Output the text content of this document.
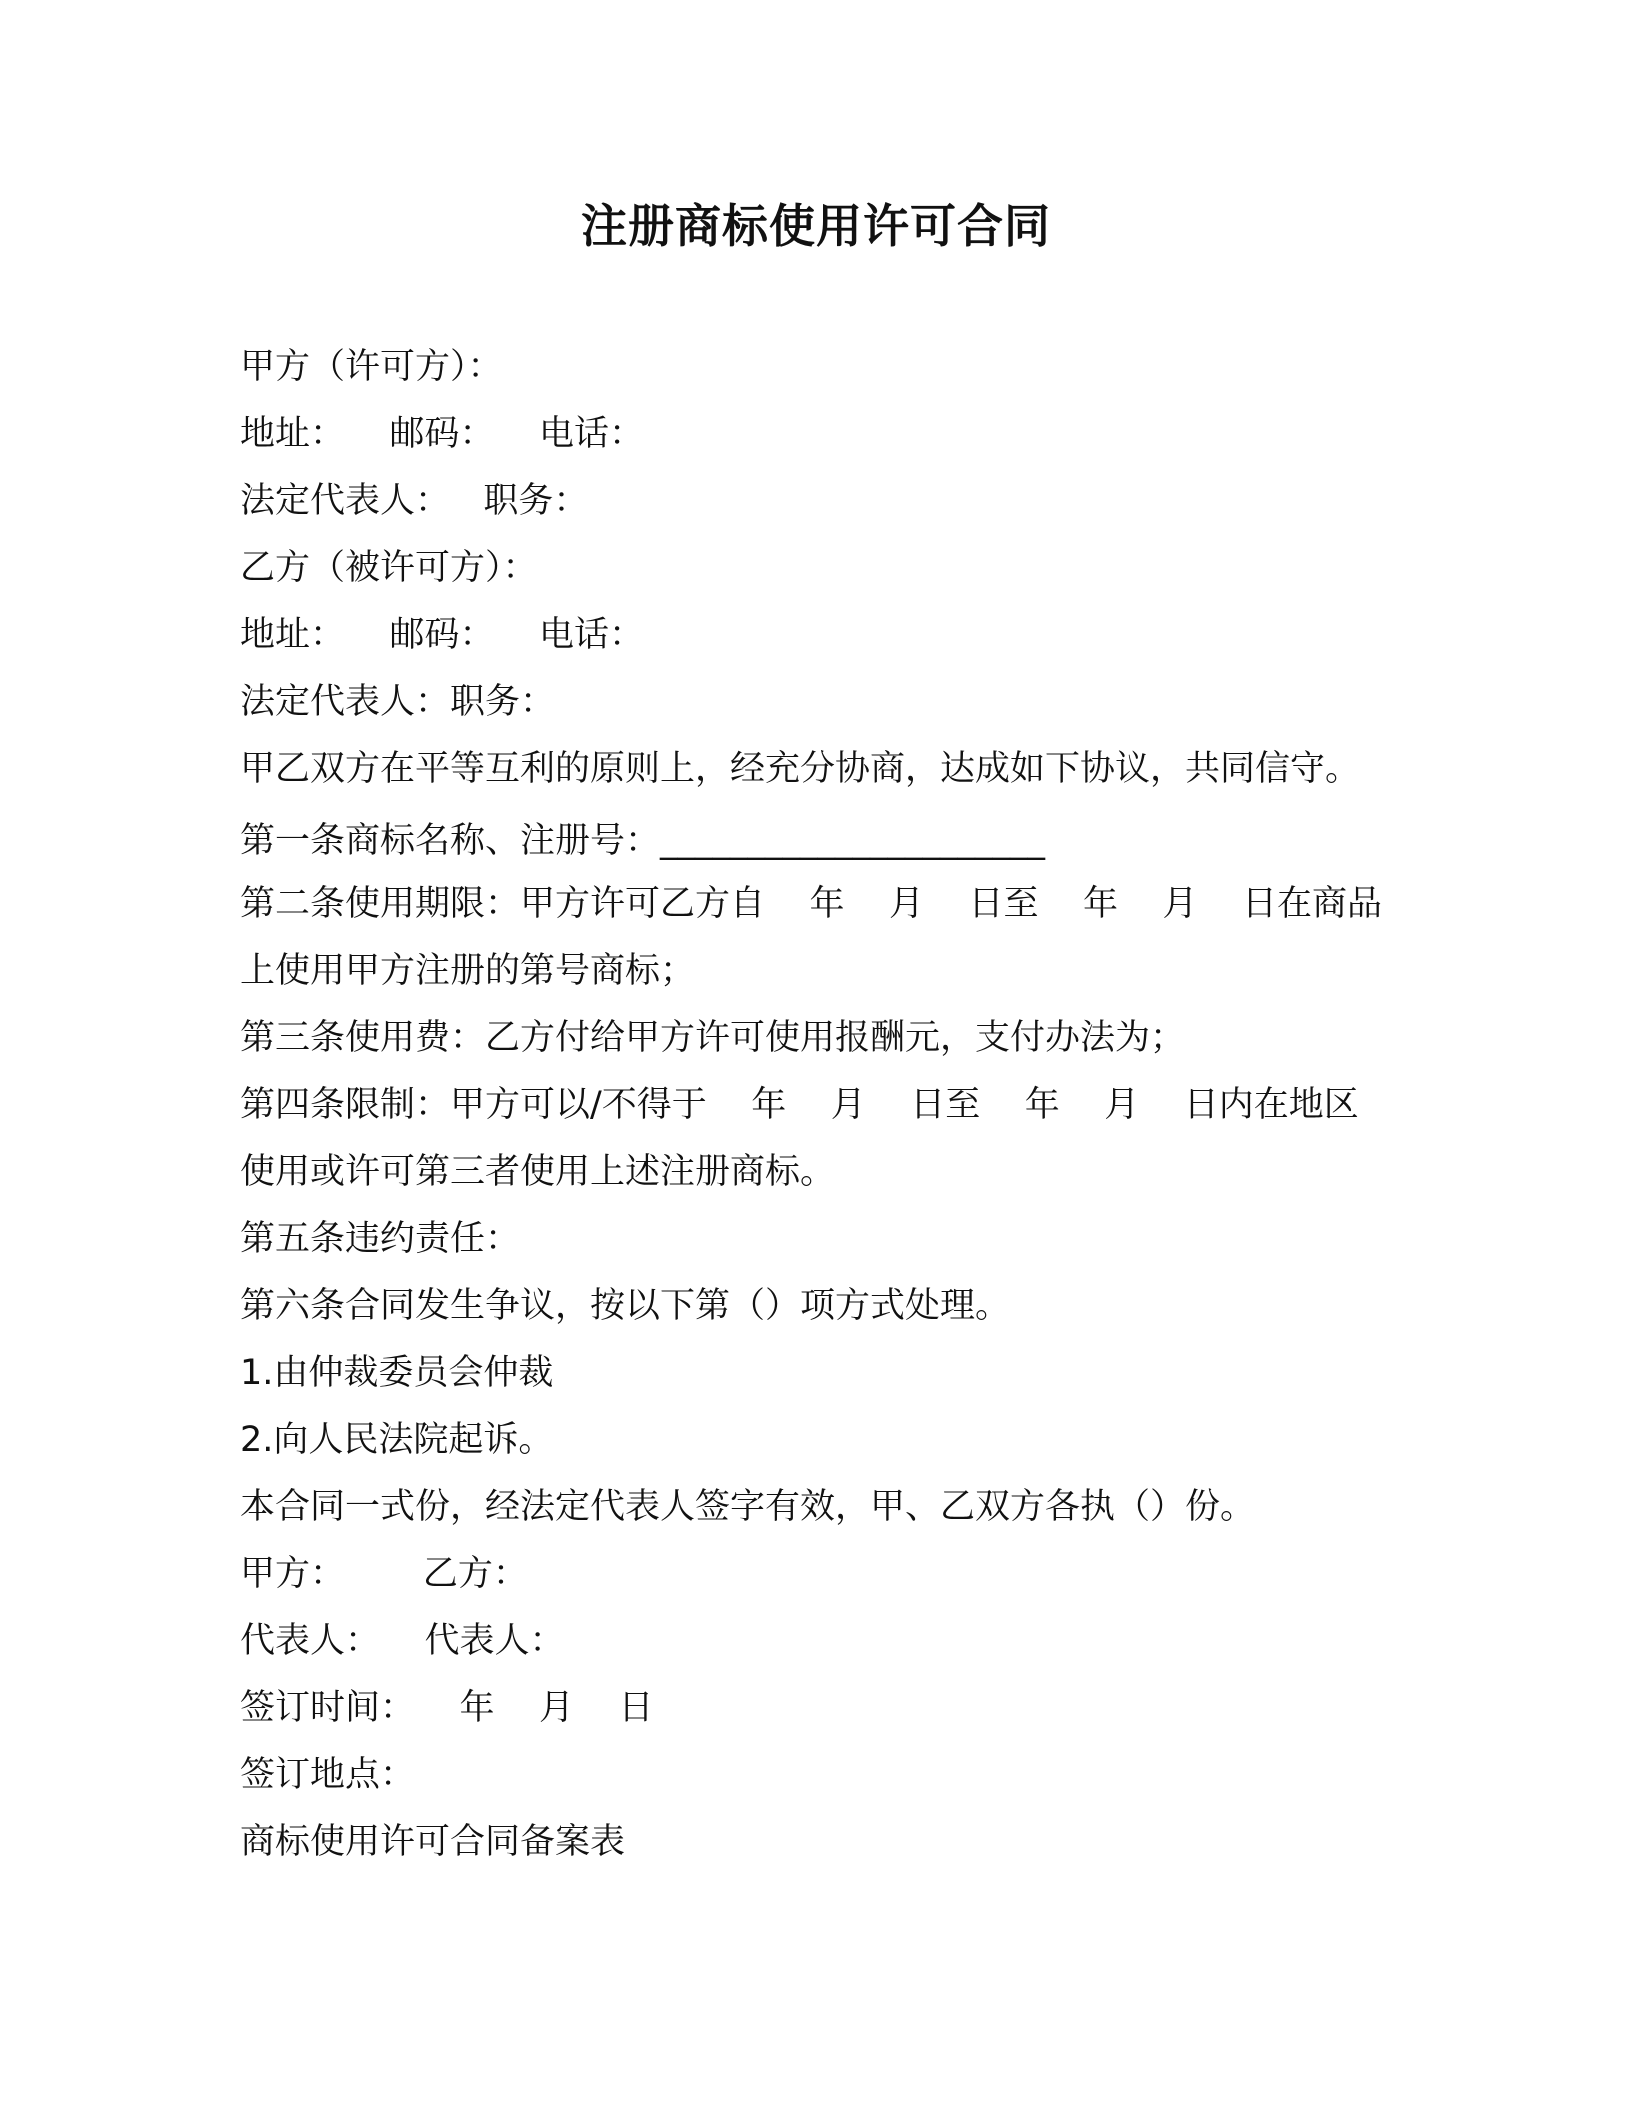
注册商标使用许可合同
甲方（许可方）：
地址：    邮码：    电话：
法定代表人：   职务：
乙方（被许可方）：
地址：    邮码：    电话：
法定代表人：职务：
甲乙双方在平等互利的原则上，经充分协商，达成如下协议，共同信守。
第一条商标名称、注册号：______________________
第二条使用期限：甲方许可乙方自    年    月    日至    年    月    日在商品
上使用甲方注册的第号商标；
第三条使用费：乙方付给甲方许可使用报酬元，支付办法为；
第四条限制：甲方可以/不得于    年    月    日至    年    月    日内在地区
使用或许可第三者使用上述注册商标。
第五条违约责任：
第六条合同发生争议，按以下第（）项方式处理。
1.由仲裁委员会仲裁
2.向人民法院起诉。
本合同一式份，经法定代表人签字有效，甲、乙双方各执（）份。
甲方：       乙方：
代表人：    代表人：
签订时间：    年    月    日
签订地点：
商标使用许可合同备案表
